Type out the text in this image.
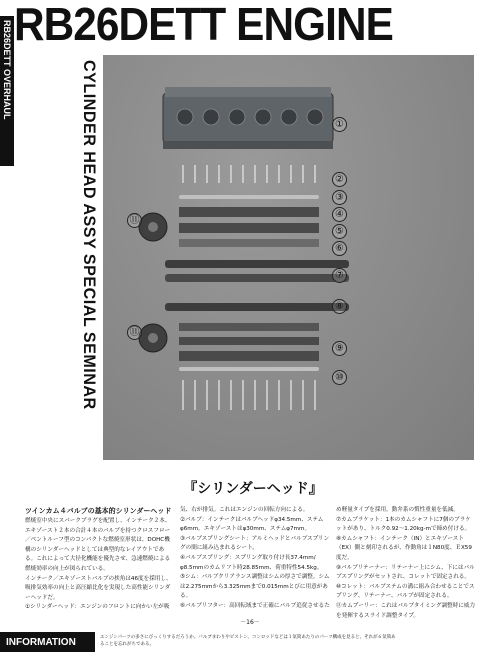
RB26DETT ENGINE
RB26DETT OVERHAUL	CYLINDER HEAD ASSY SPECIAL SEMINAR	①
②
③
④
⑤
⑥
⑦
⑧
⑨
⑩
⑪
⑪
『シリンダーヘッド』

ツインカム４バルブの基本的シリンダーヘッド

燃焼室中央にスパークプラグを配置し、インテーク２本、エキゾースト２本の合計４本のバルブを持つクロスフロー／ペントルーフ型のコンパクトな燃焼室形状は、DOHC機構のシリンダーヘッドとしては典型的なレイアウトである。これによって大径化機能を優先させ、急速燃焼による燃焼効率の向上が図られている。

インテーク／エキゾーストバルブの挟角は46度を採用し、吸排気効率の向上と高圧縮比化を実現した高性能シリンダーヘッドだ。

①シリンダーヘッド：エンジンのフロントに向かい左が吸

気、右が排気。これはエンジンの回転方向による。

②バルブ：インテークはバルブヘッドφ34.5mm、ステムφ6mm。エキゾーストはφ30mm、ステムφ7mm。

③バルブスプリングシート：アルミヘッドとバルブスプリングの間に組み込まれるシート。

④バルブスプリング：スプリング取り付け長37.4mm/φ8.5mmのカムリフト時28.85mm、荷重特性54.5kg。

⑤シム：バルブクリアランス調整はシムの厚さで調整。シムは2.275mmから3.325mmまで0.015mmとびに用意がある。

⑥バルブリフター：高回転域まで正確にバルブ追従させるた

め軽量タイプを採用。動弁系の慣性重量を低減。

⑦カムブラケット：1本のカムシャフトに7個のブラケットがあり、トルク0.92〜1.20kg-mで締め付ける。

⑧カムシャフト：インテーク（IN）とエキゾースト（EX）側と刻印されるが、作動角は１N80度、ＥX59度だ。

⑨バルブリテーナー：リテーナー上にシム、下にはバルブスプリングがセットされ、コレットで固定される。

⑩コレット：バルブステムの溝に組み合わせることでスプリング、リテーナー、バルブが固定される。

⑪カムプーリー：これはバルブタイミング調整時に威力を発揮するスライド調整タイプ。

－16－
INFORMATION	エンジンパーツの多さにびっくりするだろうか。バルブまわりやピストン、コンロッドなどは１気筒あたりのパーツ構成を見ると、それが６気筒あることを忘れがちである。
